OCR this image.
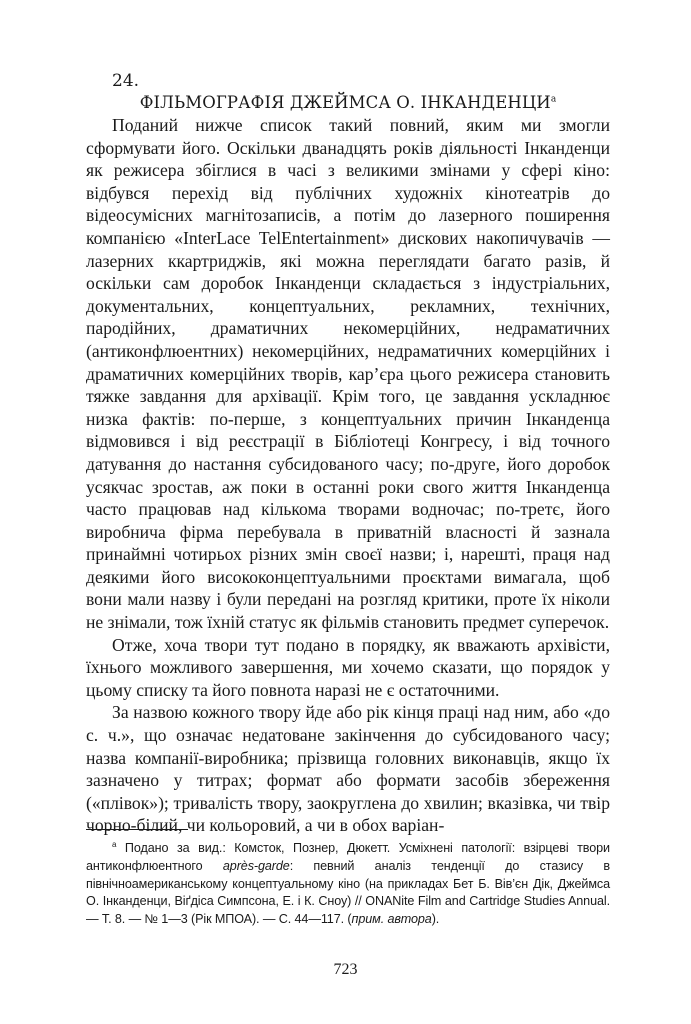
24.

ФІЛЬМОГРАФІЯ ДЖЕЙМСА О. ІНКАНДЕНЦИ$^a$

Поданий нижче список такий повний, яким ми змогли сформувати його. Оскільки дванадцять років діяльності Інканденци як режисера збіглися в часі з великими змінами у сфері кіно: відбувся перехід від публічних художніх кінотеатрів до відеосумісних магнітозаписів, а потім до лазерного поширення компанією «InterLace TelEntertainment» дискових накопичувачів — лазерних ккартриджів, які можна переглядати багато разів, й оскільки сам доробок Інканденци складається з індустріальних, документальних, концептуальних, рекламних, технічних, пародійних, драматичних некомерційних, недраматичних (антиконфлюентних) некомерційних, недраматичних комерційних і драматичних комерційних творів, кар’єра цього режисера становить тяжке завдання для архівації. Крім того, це завдання ускладнює низка фактів: по-перше, з концептуальних причин Інканденца відмовився і від реєстрації в Бібліотеці Конгресу, і від точного датування до настання субсидованого часу; по-друге, його доробок усякчас зростав, аж поки в останні роки свого життя Інканденца часто працював над кількома творами водночас; по-третє, його виробнича фірма перебувала в приватній власності й зазнала принаймні чотирьох різних змін своєї назви; і, нарешті, праця над деякими його висококонцептуальними проєктами вимагала, щоб вони мали назву і були передані на розгляд критики, проте їх ніколи не знімали, тож їхній статус як фільмів становить предмет суперечок.

Отже, хоча твори тут подано в порядку, як вважають архівісти, їхнього можливого завершення, ми хочемо сказати, що порядок у цьому списку та його повнота наразі не є остаточними.

За назвою кожного твору йде або рік кінця праці над ним, або «до с. ч.», що означає недатоване закінчення до субсидованого часу; назва компанії-виробника; прізвища головних виконавців, якщо їх зазначено у титрах; формат або формати засобів збереження («плівок»); тривалість твору, заокруглена до хвилин; вказівка, чи твір чорно-білий, чи кольоровий, а чи в обох варіан-

$^a$ Подано за вид.: Комсток, Познер, Дюкетт. Усміхнені патології: взірцеві твори антиконфлюентного après-garde: певний аналіз тенденції до стазису в північноамериканському концептуальному кіно (на прикладах Бет Б. Вів’єн Дік, Джеймса О. Інканденци, Віґдіса Симпсона, Е. і К. Сноу) // ONANite Film and Cartridge Studies Annual. — Т. 8. — № 1—3 (Рік МПОА). — С. 44—117. (прим. автора).

723
